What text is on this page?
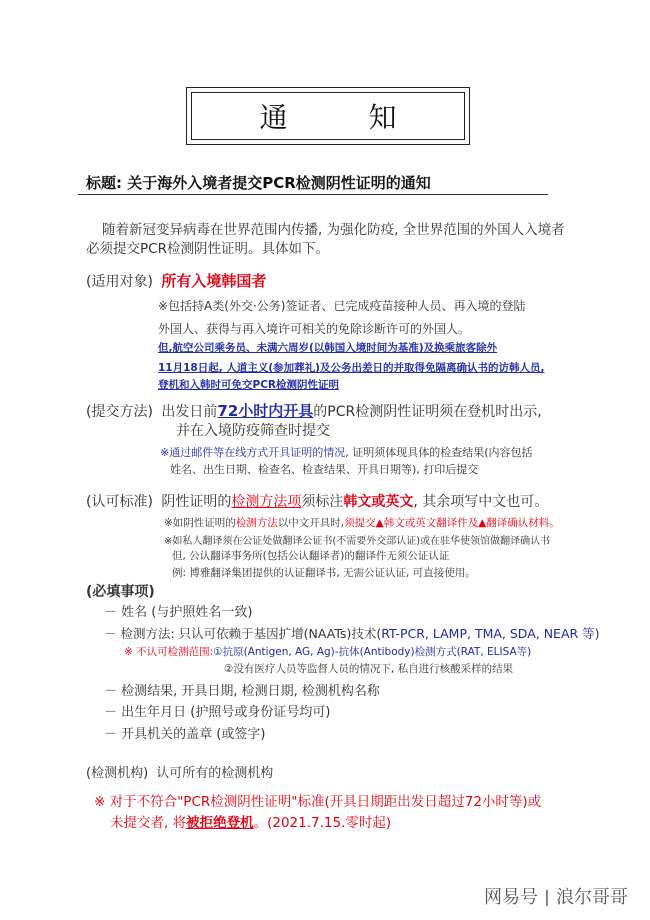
通 知
标题: 关于海外入境者提交PCR检测阴性证明的通知
随着新冠变异病毒在世界范围内传播, 为强化防疫, 全世界范围的外国人入境者
必须提交PCR检测阴性证明。具体如下。
(适用对象) 所有入境韩国者
※包括持A类(外交·公务)签证者、已完成疫苗接种人员、再入境的登陆
外国人、获得与再入境许可相关的免除诊断许可的外国人。
但,航空公司乘务员、未满六周岁(以韩国入境时间为基准)及换乘旅客除外
11月18日起, 人道主义(参加葬礼)及公务出差日的并取得免隔离确认书的访韩人员,
登机和入韩时可免交PCR检测阴性证明
(提交方法) 出发日前72小时内开具的PCR检测阴性证明须在登机时出示,
并在入境防疫筛查时提交
※通过邮件等在线方式开具证明的情况, 证明须体现具体的检查结果(内容包括
姓名、出生日期、检查名、检查结果、开具日期等), 打印后提交
(认可标准) 阴性证明的检测方法项须标注韩文或英文, 其余项写中文也可。
※如阴性证明的检测方法以中文开具时,须提交▲韩文或英文翻译件及▲翻译确认材料。
※如私人翻译须在公证处做翻译公证书(不需要外交部认证)或在驻华使领馆做翻译确认书
但, 公认翻译事务所(包括公认翻译者)的翻译件无须公证认证
例: 博雅翻译集团提供的认证翻译书, 无需公证认证, 可直接使用。
(必填事项)
－ 姓名 (与护照姓名一致)
－ 检测方法: 只认可依赖于基因扩增(NAATs)技术(RT-PCR, LAMP, TMA, SDA, NEAR 等)
※ 不认可检测范围:①抗原(Antigen, AG, Ag)-抗体(Antibody)检测方式(RAT, ELISA等)
②没有医疗人员等监督人员的情况下, 私自进行核酸采样的结果
－ 检测结果, 开具日期, 检测日期, 检测机构名称
－ 出生年月日 (护照号或身份证号均可)
－ 开具机关的盖章 (或签字)
(检测机构) 认可所有的检测机构
※ 对于不符合"PCR检测阴性证明"标准(开具日期距出发日超过72小时等)或
未提交者, 将被拒绝登机。(2021.7.15.零时起)
网易号 浪尔哥哥
